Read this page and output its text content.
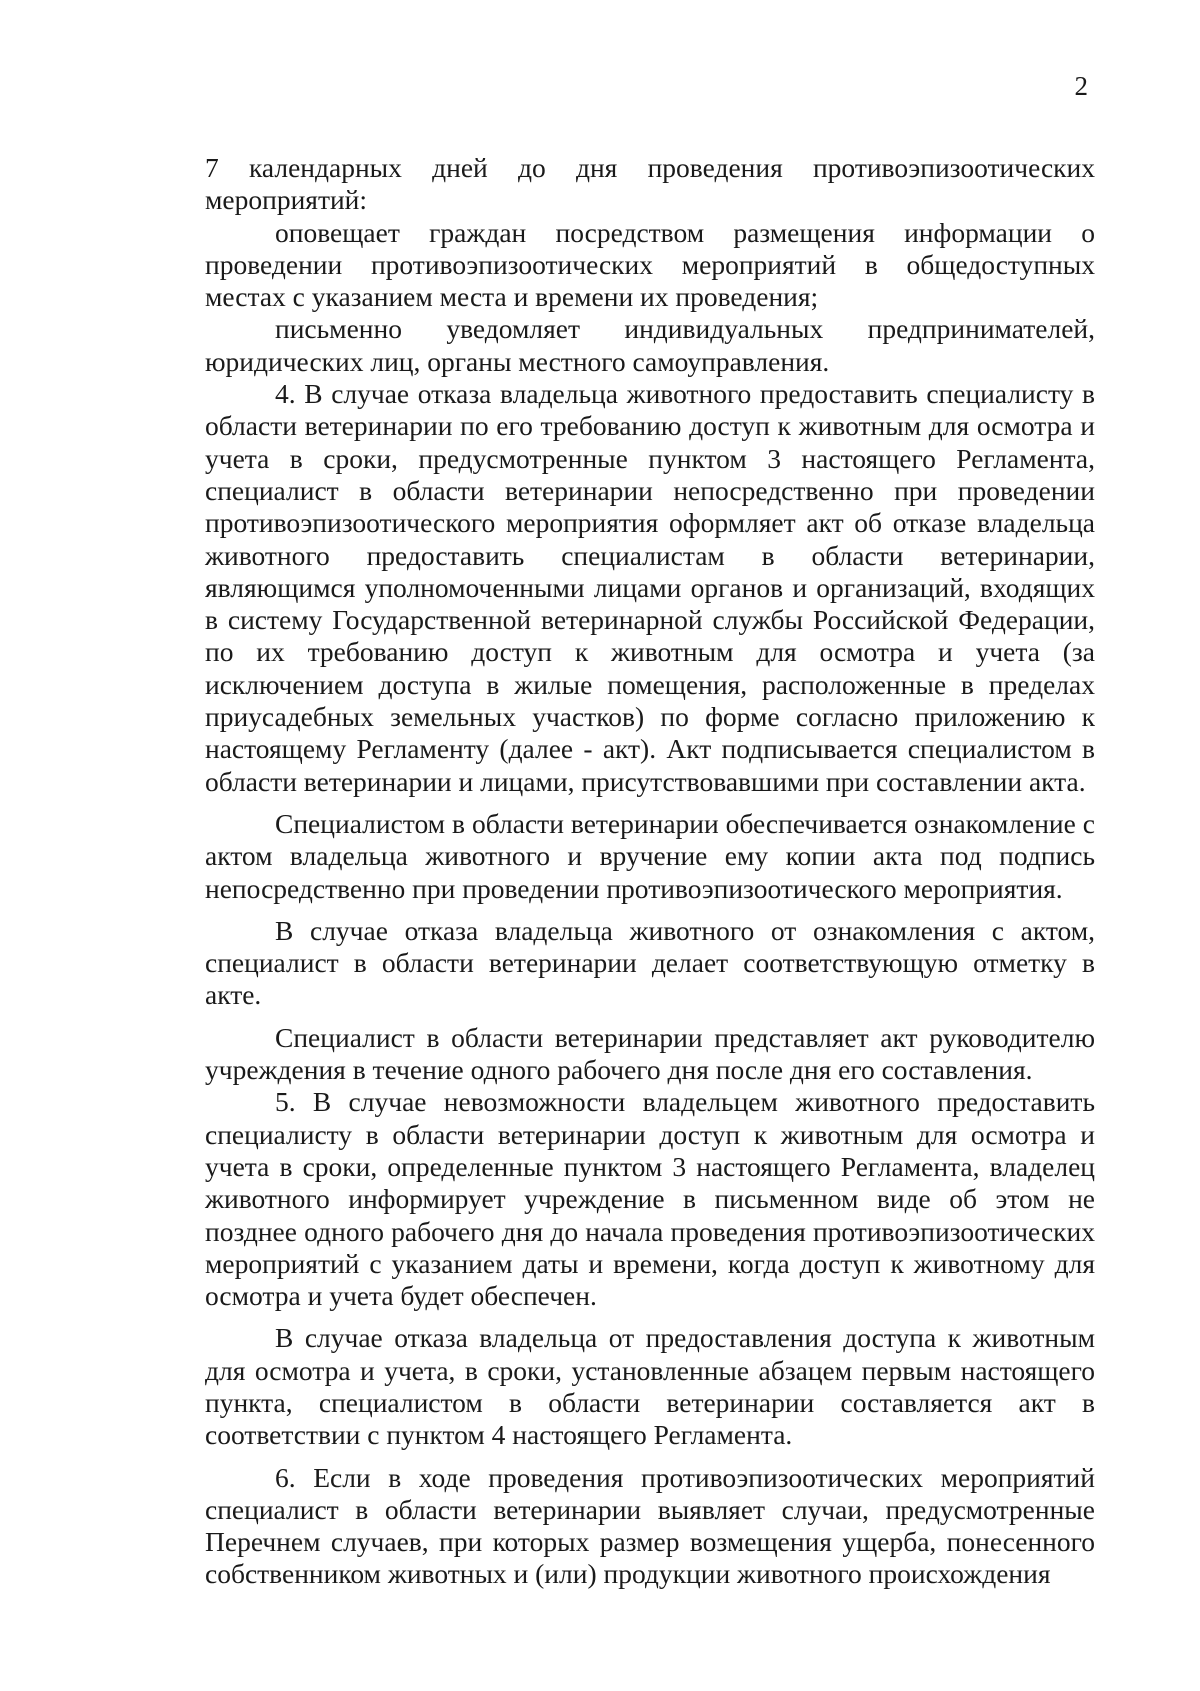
2

7 календарных дней до дня проведения противоэпизоотических мероприятий:

оповещает граждан посредством размещения информации о проведении противоэпизоотических мероприятий в общедоступных местах с указанием места и времени их проведения;

письменно уведомляет индивидуальных предпринимателей, юридических лиц, органы местного самоуправления.

4. В случае отказа владельца животного предоставить специалисту в области ветеринарии по его требованию доступ к животным для осмотра и учета в сроки, предусмотренные пунктом 3 настоящего Регламента, специалист в области ветеринарии непосредственно при проведении противоэпизоотического мероприятия оформляет акт об отказе владельца животного предоставить специалистам в области ветеринарии, являющимся уполномоченными лицами органов и организаций, входящих в систему Государственной ветеринарной службы Российской Федерации, по их требованию доступ к животным для осмотра и учета (за исключением доступа в жилые помещения, расположенные в пределах приусадебных земельных участков) по форме согласно приложению к настоящему Регламенту (далее - акт). Акт подписывается специалистом в области ветеринарии и лицами, присутствовавшими при составлении акта.

Специалистом в области ветеринарии обеспечивается ознакомление с актом владельца животного и вручение ему копии акта под подпись непосредственно при проведении противоэпизоотического мероприятия.

В случае отказа владельца животного от ознакомления с актом, специалист в области ветеринарии делает соответствующую отметку в акте.

Специалист в области ветеринарии представляет акт руководителю учреждения в течение одного рабочего дня после дня его составления.

5. В случае невозможности владельцем животного предоставить специалисту в области ветеринарии доступ к животным для осмотра и учета в сроки, определенные пунктом 3 настоящего Регламента, владелец животного информирует учреждение в письменном виде об этом не позднее одного рабочего дня до начала проведения противоэпизоотических мероприятий с указанием даты и времени, когда доступ к животному для осмотра и учета будет обеспечен.

В случае отказа владельца от предоставления доступа к животным для осмотра и учета, в сроки, установленные абзацем первым настоящего пункта, специалистом в области ветеринарии составляется акт в соответствии с пунктом 4 настоящего Регламента.

6. Если в ходе проведения противоэпизоотических мероприятий специалист в области ветеринарии выявляет случаи, предусмотренные Перечнем случаев, при которых размер возмещения ущерба, понесенного собственником животных и (или) продукции животного происхождения
